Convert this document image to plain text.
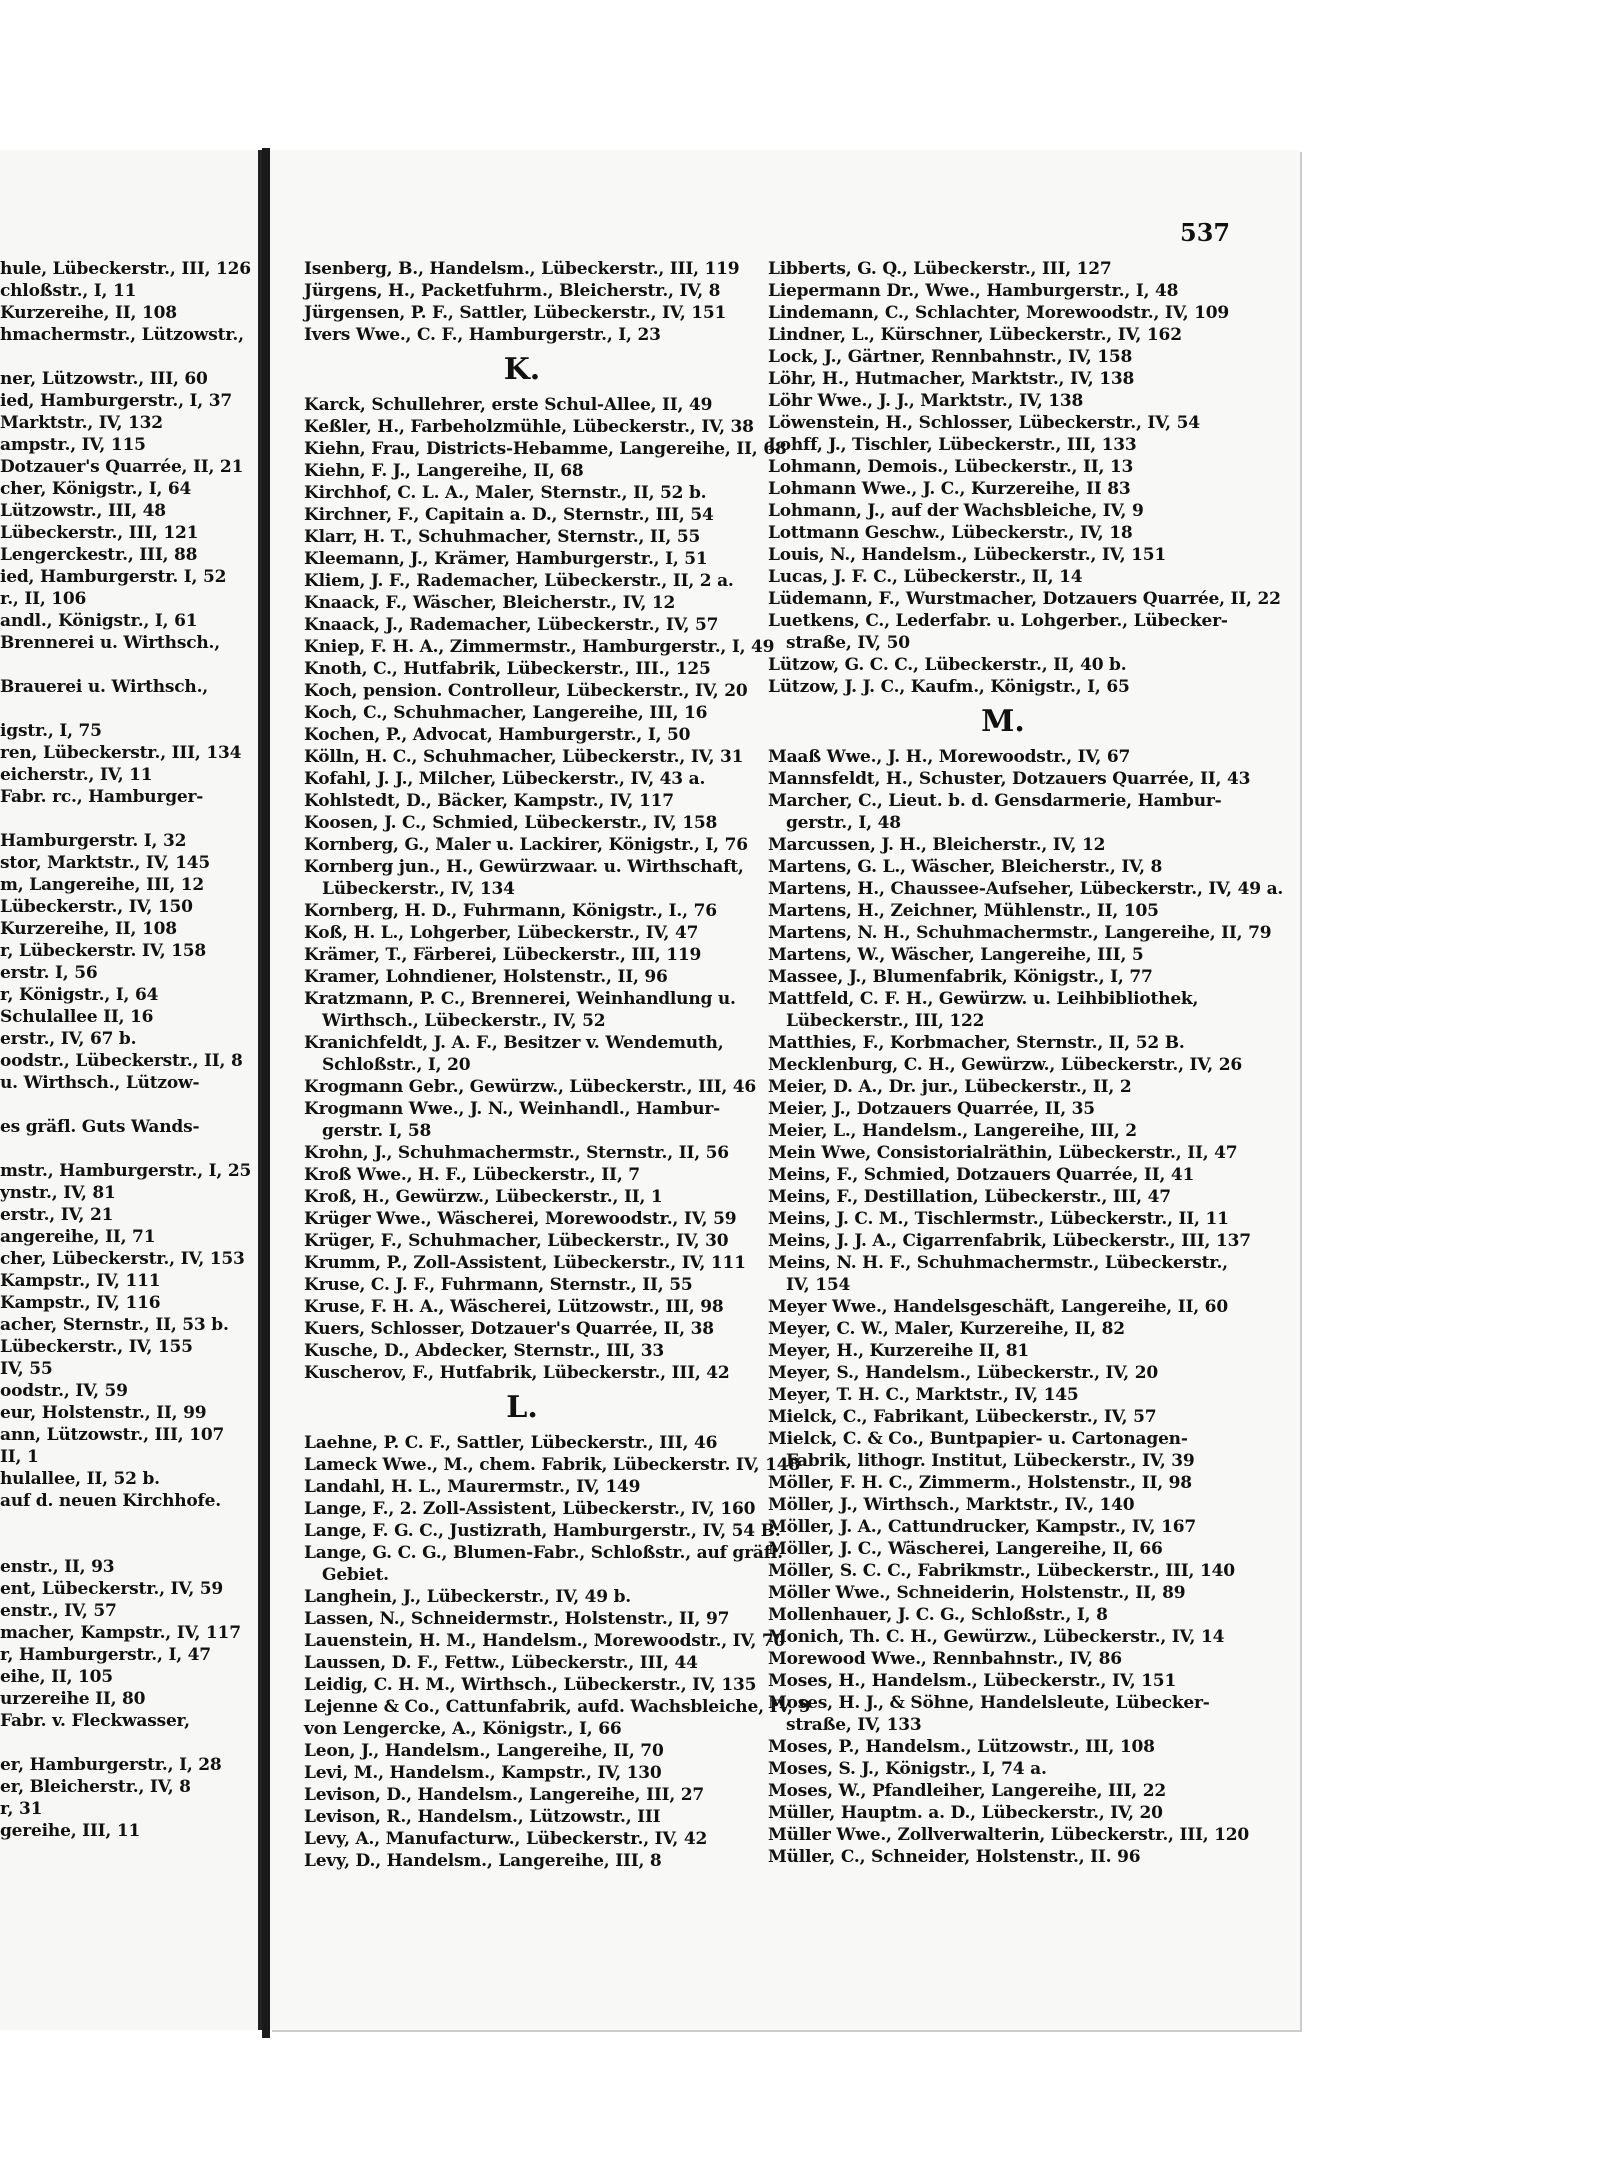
hule, Lübeckerstr., III, 126
chloßstr., I, 11
Kurzereihe, II, 108
hmachermstr., Lützowstr.,
ner, Lützowstr., III, 60
ied, Hamburgerstr., I, 37
Marktstr., IV, 132
ampstr., IV, 115
Dotzauer's Quarrée, II, 21
cher, Königstr., I, 64
Lützowstr., III, 48
Lübeckerstr., III, 121
Lengerckestr., III, 88
ied, Hamburgerstr. I, 52
r., II, 106
andl., Königstr., I, 61
Brennerei u. Wirthsch.,
Brauerei u. Wirthsch.,
igstr., I, 75
ren, Lübeckerstr., III, 134
eicherstr., IV, 11
Fabr. rc., Hamburger-
Hamburgerstr. I, 32
stor, Marktstr., IV, 145
m, Langereihe, III, 12
Lübeckerstr., IV, 150
Kurzereihe, II, 108
r, Lübeckerstr. IV, 158
erstr. I, 56
r, Königstr., I, 64
Schulallee II, 16
erstr., IV, 67 b.
oodstr., Lübeckerstr., II, 8
u. Wirthsch., Lützow-
es gräfl. Guts Wands-
mstr., Hamburgerstr., I, 25
ynstr., IV, 81
erstr., IV, 21
angereihe, II, 71
cher, Lübeckerstr., IV, 153
Kampstr., IV, 111
Kampstr., IV, 116
acher, Sternstr., II, 53 b.
Lübeckerstr., IV, 155
IV, 55
oodstr., IV, 59
eur, Holstenstr., II, 99
ann, Lützowstr., III, 107
II, 1
hulallee, II, 52 b.
auf d. neuen Kirchhofe.
enstr., II, 93
ent, Lübeckerstr., IV, 59
enstr., IV, 57
macher, Kampstr., IV, 117
r, Hamburgerstr., I, 47
eihe, II, 105
urzereihe II, 80
Fabr. v. Fleckwasser,
er, Hamburgerstr., I, 28
er, Bleicherstr., IV, 8
r, 31
gereihe, III, 11
537
Isenberg, B., Handelsm., Lübeckerstr., III, 119
Jürgens, H., Packetfuhrm., Bleicherstr., IV, 8
Jürgensen, P. F., Sattler, Lübeckerstr., IV, 151
Ivers Wwe., C. F., Hamburgerstr., I, 23
K.
Karck, Schullehrer, erste Schul-Allee, II, 49
Keßler, H., Farbeholzmühle, Lübeckerstr., IV, 38
Kiehn, Frau, Districts-Hebamme, Langereihe, II, 68
Kiehn, F. J., Langereihe, II, 68
Kirchhof, C. L. A., Maler, Sternstr., II, 52 b.
Kirchner, F., Capitain a. D., Sternstr., III, 54
Klarr, H. T., Schuhmacher, Sternstr., II, 55
Kleemann, J., Krämer, Hamburgerstr., I, 51
Kliem, J. F., Rademacher, Lübeckerstr., II, 2 a.
Knaack, F., Wäscher, Bleicherstr., IV, 12
Knaack, J., Rademacher, Lübeckerstr., IV, 57
Kniep, F. H. A., Zimmermstr., Hamburgerstr., I, 49
Knoth, C., Hutfabrik, Lübeckerstr., III., 125
Koch, pension. Controlleur, Lübeckerstr., IV, 20
Koch, C., Schuhmacher, Langereihe, III, 16
Kochen, P., Advocat, Hamburgerstr., I, 50
Kölln, H. C., Schuhmacher, Lübeckerstr., IV, 31
Kofahl, J. J., Milcher, Lübeckerstr., IV, 43 a.
Kohlstedt, D., Bäcker, Kampstr., IV, 117
Koosen, J. C., Schmied, Lübeckerstr., IV, 158
Kornberg, G., Maler u. Lackirer, Königstr., I, 76
Kornberg jun., H., Gewürzwaar. u. Wirthschaft,
Lübeckerstr., IV, 134
Kornberg, H. D., Fuhrmann, Königstr., I., 76
Koß, H. L., Lohgerber, Lübeckerstr., IV, 47
Krämer, T., Färberei, Lübeckerstr., III, 119
Kramer, Lohndiener, Holstenstr., II, 96
Kratzmann, P. C., Brennerei, Weinhandlung u.
Wirthsch., Lübeckerstr., IV, 52
Kranichfeldt, J. A. F., Besitzer v. Wendemuth,
Schloßstr., I, 20
Krogmann Gebr., Gewürzw., Lübeckerstr., III, 46
Krogmann Wwe., J. N., Weinhandl., Hambur-
gerstr. I, 58
Krohn, J., Schuhmachermstr., Sternstr., II, 56
Kroß Wwe., H. F., Lübeckerstr., II, 7
Kroß, H., Gewürzw., Lübeckerstr., II, 1
Krüger Wwe., Wäscherei, Morewoodstr., IV, 59
Krüger, F., Schuhmacher, Lübeckerstr., IV, 30
Krumm, P., Zoll-Assistent, Lübeckerstr., IV, 111
Kruse, C. J. F., Fuhrmann, Sternstr., II, 55
Kruse, F. H. A., Wäscherei, Lützowstr., III, 98
Kuers, Schlosser, Dotzauer's Quarrée, II, 38
Kusche, D., Abdecker, Sternstr., III, 33
Kuscherov, F., Hutfabrik, Lübeckerstr., III, 42
L.
Laehne, P. C. F., Sattler, Lübeckerstr., III, 46
Lameck Wwe., M., chem. Fabrik, Lübeckerstr. IV, 148
Landahl, H. L., Maurermstr., IV, 149
Lange, F., 2. Zoll-Assistent, Lübeckerstr., IV, 160
Lange, F. G. C., Justizrath, Hamburgerstr., IV, 54 B.
Lange, G. C. G., Blumen-Fabr., Schloßstr., auf gräfl.
Gebiet.
Langhein, J., Lübeckerstr., IV, 49 b.
Lassen, N., Schneidermstr., Holstenstr., II, 97
Lauenstein, H. M., Handelsm., Morewoodstr., IV, 70
Laussen, D. F., Fettw., Lübeckerstr., III, 44
Leidig, C. H. M., Wirthsch., Lübeckerstr., IV, 135
Lejenne & Co., Cattunfabrik, aufd. Wachsbleiche, IV, 9
von Lengercke, A., Königstr., I, 66
Leon, J., Handelsm., Langereihe, II, 70
Levi, M., Handelsm., Kampstr., IV, 130
Levison, D., Handelsm., Langereihe, III, 27
Levison, R., Handelsm., Lützowstr., III
Levy, A., Manufacturw., Lübeckerstr., IV, 42
Levy, D., Handelsm., Langereihe, III, 8
Libberts, G. Q., Lübeckerstr., III, 127
Liepermann Dr., Wwe., Hamburgerstr., I, 48
Lindemann, C., Schlachter, Morewoodstr., IV, 109
Lindner, L., Kürschner, Lübeckerstr., IV, 162
Lock, J., Gärtner, Rennbahnstr., IV, 158
Löhr, H., Hutmacher, Marktstr., IV, 138
Löhr Wwe., J. J., Marktstr., IV, 138
Löwenstein, H., Schlosser, Lübeckerstr., IV, 54
Lohff, J., Tischler, Lübeckerstr., III, 133
Lohmann, Demois., Lübeckerstr., II, 13
Lohmann Wwe., J. C., Kurzereihe, II 83
Lohmann, J., auf der Wachsbleiche, IV, 9
Lottmann Geschw., Lübeckerstr., IV, 18
Louis, N., Handelsm., Lübeckerstr., IV, 151
Lucas, J. F. C., Lübeckerstr., II, 14
Lüdemann, F., Wurstmacher, Dotzauers Quarrée, II, 22
Luetkens, C., Lederfabr. u. Lohgerber., Lübecker-
straße, IV, 50
Lützow, G. C. C., Lübeckerstr., II, 40 b.
Lützow, J. J. C., Kaufm., Königstr., I, 65
M.
Maaß Wwe., J. H., Morewoodstr., IV, 67
Mannsfeldt, H., Schuster, Dotzauers Quarrée, II, 43
Marcher, C., Lieut. b. d. Gensdarmerie, Hambur-
gerstr., I, 48
Marcussen, J. H., Bleicherstr., IV, 12
Martens, G. L., Wäscher, Bleicherstr., IV, 8
Martens, H., Chaussee-Aufseher, Lübeckerstr., IV, 49 a.
Martens, H., Zeichner, Mühlenstr., II, 105
Martens, N. H., Schuhmachermstr., Langereihe, II, 79
Martens, W., Wäscher, Langereihe, III, 5
Massee, J., Blumenfabrik, Königstr., I, 77
Mattfeld, C. F. H., Gewürzw. u. Leihbibliothek,
Lübeckerstr., III, 122
Matthies, F., Korbmacher, Sternstr., II, 52 B.
Mecklenburg, C. H., Gewürzw., Lübeckerstr., IV, 26
Meier, D. A., Dr. jur., Lübeckerstr., II, 2
Meier, J., Dotzauers Quarrée, II, 35
Meier, L., Handelsm., Langereihe, III, 2
Mein Wwe, Consistorialräthin, Lübeckerstr., II, 47
Meins, F., Schmied, Dotzauers Quarrée, II, 41
Meins, F., Destillation, Lübeckerstr., III, 47
Meins, J. C. M., Tischlermstr., Lübeckerstr., II, 11
Meins, J. J. A., Cigarrenfabrik, Lübeckerstr., III, 137
Meins, N. H. F., Schuhmachermstr., Lübeckerstr.,
IV, 154
Meyer Wwe., Handelsgeschäft, Langereihe, II, 60
Meyer, C. W., Maler, Kurzereihe, II, 82
Meyer, H., Kurzereihe II, 81
Meyer, S., Handelsm., Lübeckerstr., IV, 20
Meyer, T. H. C., Marktstr., IV, 145
Mielck, C., Fabrikant, Lübeckerstr., IV, 57
Mielck, C. & Co., Buntpapier- u. Cartonagen-
Fabrik, lithogr. Institut, Lübeckerstr., IV, 39
Möller, F. H. C., Zimmerm., Holstenstr., II, 98
Möller, J., Wirthsch., Marktstr., IV., 140
Möller, J. A., Cattundrucker, Kampstr., IV, 167
Möller, J. C., Wäscherei, Langereihe, II, 66
Möller, S. C. C., Fabrikmstr., Lübeckerstr., III, 140
Möller Wwe., Schneiderin, Holstenstr., II, 89
Mollenhauer, J. C. G., Schloßstr., I, 8
Monich, Th. C. H., Gewürzw., Lübeckerstr., IV, 14
Morewood Wwe., Rennbahnstr., IV, 86
Moses, H., Handelsm., Lübeckerstr., IV, 151
Moses, H. J., & Söhne, Handelsleute, Lübecker-
straße, IV, 133
Moses, P., Handelsm., Lützowstr., III, 108
Moses, S. J., Königstr., I, 74 a.
Moses, W., Pfandleiher, Langereihe, III, 22
Müller, Hauptm. a. D., Lübeckerstr., IV, 20
Müller Wwe., Zollverwalterin, Lübeckerstr., III, 120
Müller, C., Schneider, Holstenstr., II. 96
